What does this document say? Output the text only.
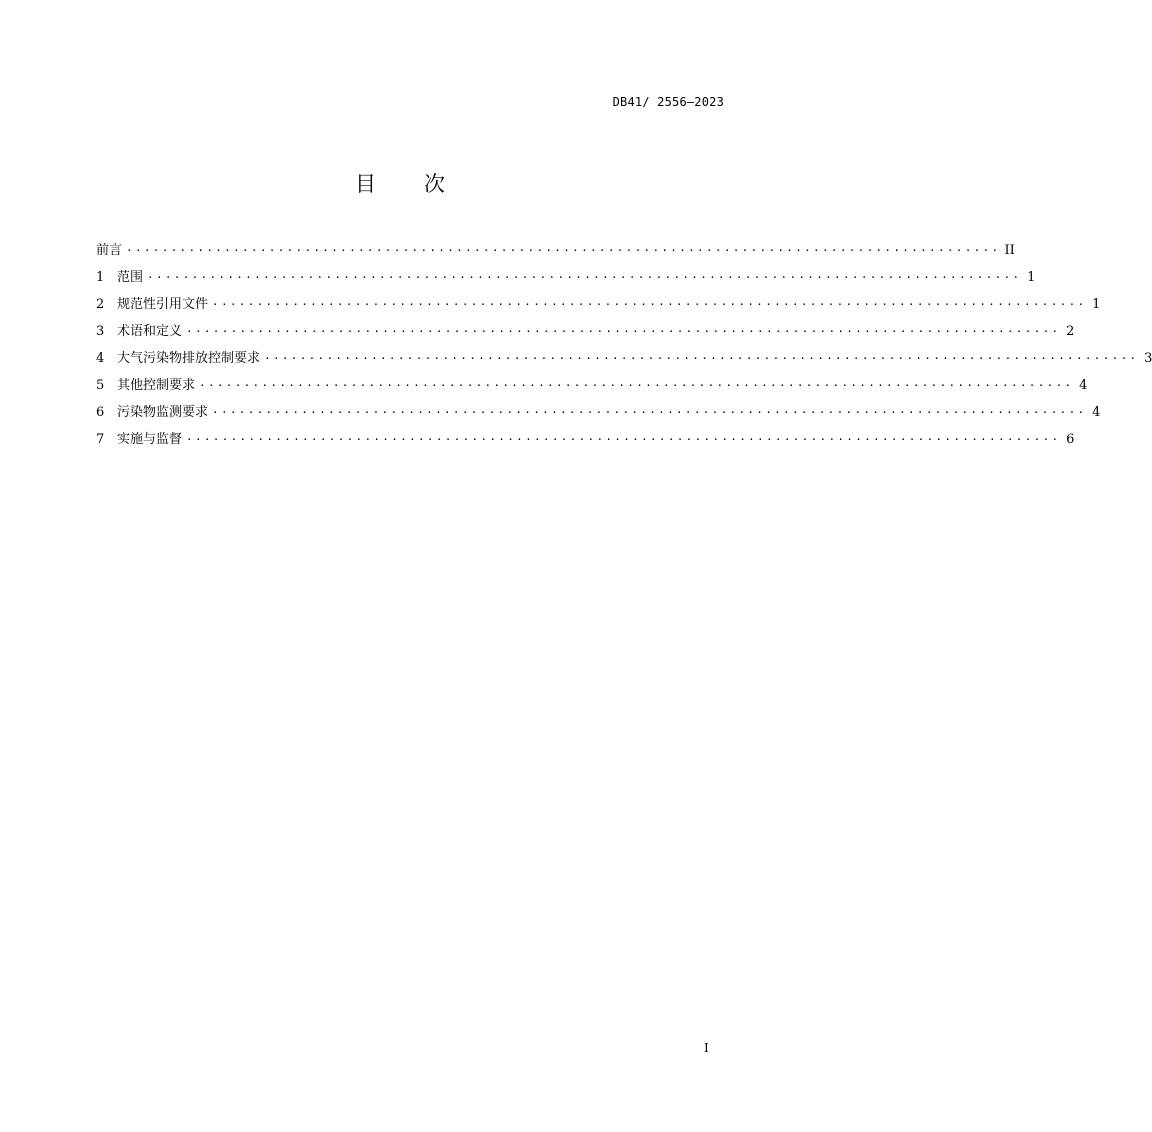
DB41/ 2556—2023
目 次
前言 ·································································································· II
1 范围 ·································································································· 1
2 规范性引用文件 ·································································································· 1
3 术语和定义 ·································································································· 2
4 大气污染物排放控制要求 ·································································································· 3
5 其他控制要求 ·································································································· 4
6 污染物监测要求 ·································································································· 4
7 实施与监督 ·································································································· 6
I
